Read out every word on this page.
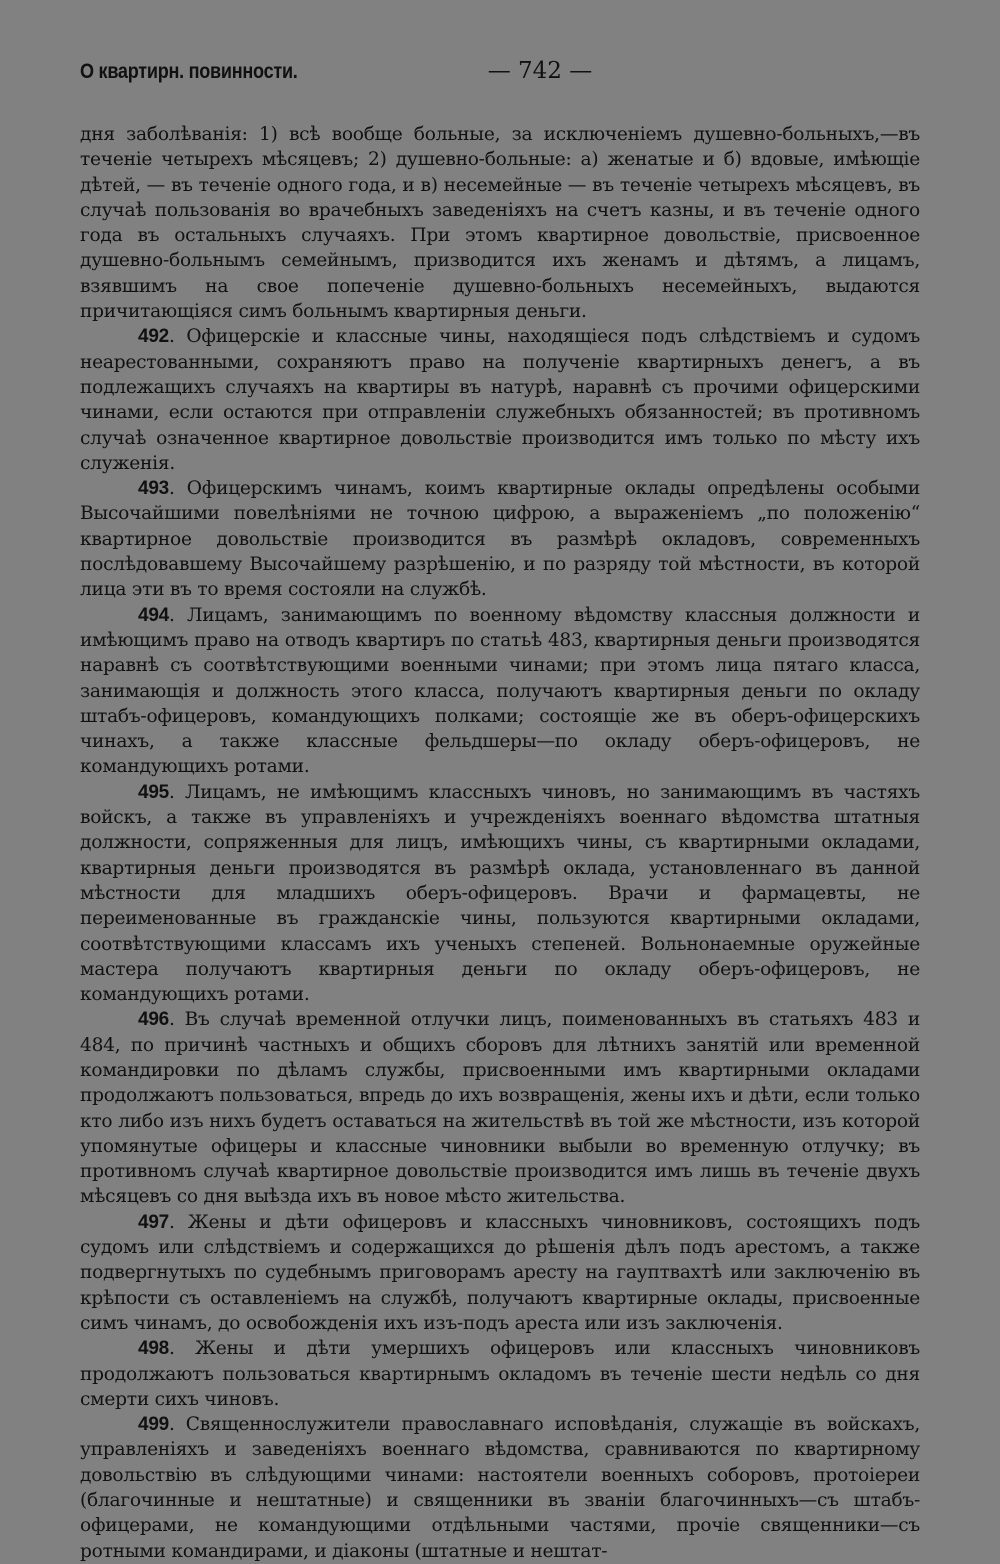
О квартирн. повинности.	— 742 —

дня заболѣванія: 1) всѣ вообще больные, за исключеніемъ душевно-больныхъ,—въ теченіе четырехъ мѣсяцевъ; 2) душевно-больные: а) женатые и б) вдовые, имѣющіе дѣтей, — въ теченіе одного года, и в) несемейные — въ теченіе четырехъ мѣсяцевъ, въ случаѣ пользованія во врачебныхъ заведеніяхъ на счетъ казны, и въ теченіе одного года въ остальныхъ случаяхъ. При этомъ квартирное довольствіе, присвоенное душевно-больнымъ семейнымъ, призводится ихъ женамъ и дѣтямъ, а лицамъ, взявшимъ на свое попеченіе душевно-больныхъ несемейныхъ, выдаются причитающіяся симъ больнымъ квартирныя деньги.

492. Офицерскіе и классные чины, находящіеся подъ слѣдствіемъ и судомъ неарестованными, сохраняютъ право на полученіе квартирныхъ денегъ, а въ подлежащихъ случаяхъ на квартиры въ натурѣ, наравнѣ съ прочими офицерскими чинами, если остаются при отправленіи служебныхъ обязанностей; въ противномъ случаѣ означенное квартирное довольствіе производится имъ только по мѣсту ихъ служенія.

493. Офицерскимъ чинамъ, коимъ квартирные оклады опредѣлены особыми Высочайшими повелѣніями не точною цифрою, а выраженіемъ „по положенію“ квартирное довольствіе производится въ размѣрѣ окладовъ, современныхъ послѣдовавшему Высочайшему разрѣшенію, и по разряду той мѣстности, въ которой лица эти въ то время состояли на службѣ.

494. Лицамъ, занимающимъ по военному вѣдомству классныя должности и имѣющимъ право на отводъ квартиръ по статьѣ 483, квартирныя деньги производятся наравнѣ съ соотвѣтствующими военными чинами; при этомъ лица пятаго класса, занимающія и должность этого класса, получаютъ квартирныя деньги по окладу штабъ-офицеровъ, командующихъ полками; состоящіе же въ оберъ-офицерскихъ чинахъ, а также классные фельдшеры—по окладу оберъ-офицеровъ, не командующихъ ротами.

495. Лицамъ, не имѣющимъ классныхъ чиновъ, но занимающимъ въ частяхъ войскъ, а также въ управленіяхъ и учрежденіяхъ военнаго вѣдомства штатныя должности, сопряженныя для лицъ, имѣющихъ чины, съ квартирными окладами, квартирныя деньги производятся въ размѣрѣ оклада, установленнаго въ данной мѣстности для младшихъ оберъ-офицеровъ. Врачи и фармацевты, не переименованные въ гражданскіе чины, пользуются квартирными окладами, соотвѣтствующими классамъ ихъ ученыхъ степеней. Вольнонаемные оружейные мастера получаютъ квартирныя деньги по окладу оберъ-офицеровъ, не командующихъ ротами.

496. Въ случаѣ временной отлучки лицъ, поименованныхъ въ статьяхъ 483 и 484, по причинѣ частныхъ и общихъ сборовъ для лѣтнихъ занятій или временной командировки по дѣламъ службы, присвоенными имъ квартирными окладами продолжаютъ пользоваться, впредь до ихъ возвращенія, жены ихъ и дѣти, если только кто либо изъ нихъ будетъ оставаться на жительствѣ въ той же мѣстности, изъ которой упомянутые офицеры и классные чиновники выбыли во временную отлучку; въ противномъ случаѣ квартирное довольствіе производится имъ лишь въ теченіе двухъ мѣсяцевъ со дня выѣзда ихъ въ новое мѣсто жительства.

497. Жены и дѣти офицеровъ и классныхъ чиновниковъ, состоящихъ подъ судомъ или слѣдствіемъ и содержащихся до рѣшенія дѣлъ подъ арестомъ, а также подвергнутыхъ по судебнымъ приговорамъ аресту на гауптвахтѣ или заключенію въ крѣпости съ оставленіемъ на службѣ, получаютъ квартирные оклады, присвоенные симъ чинамъ, до освобожденія ихъ изъ-подъ ареста или изъ заключенія.

498. Жены и дѣти умершихъ офицеровъ или классныхъ чиновниковъ продолжаютъ пользоваться квартирнымъ окладомъ въ теченіе шести недѣль со дня смерти сихъ чиновъ.

499. Священнослужители православнаго исповѣданія, служащіе въ войскахъ, управленіяхъ и заведеніяхъ военнаго вѣдомства, сравниваются по квартирному довольствію въ слѣдующими чинами: настоятели военныхъ соборовъ, протоіереи (благочинные и нештатные) и священники въ званіи благочинныхъ—съ штабъ-офицерами, не командующими отдѣльными частями, прочіе священники—съ ротными командирами, и діаконы (штатные и нештат-
